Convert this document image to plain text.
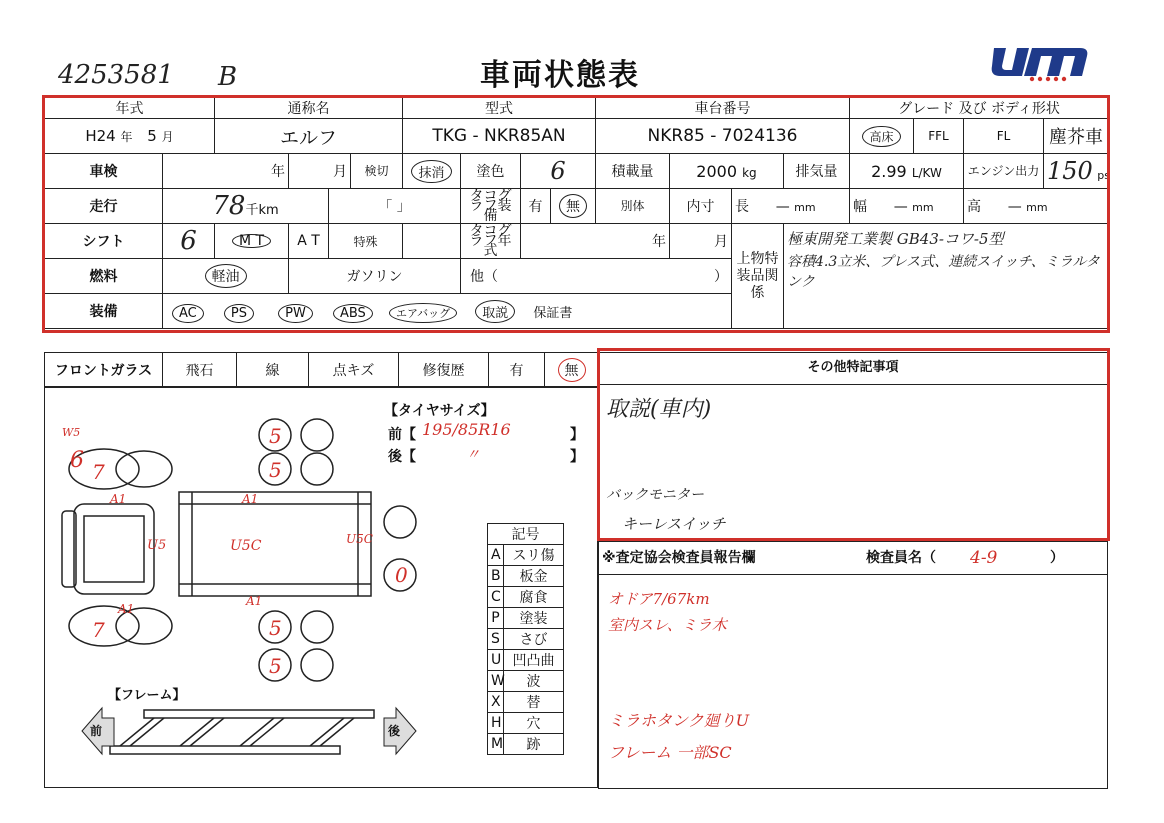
4253581 B	車両状態表
年式		通称名				型式				車台番号				グレード 及び ボディ形状			
H24 年 5 月		エルフ				TKG - NKR85AN				NKR85 - 7024136				高床	FFL	FL	塵芥車
車検	年		月		検切	抹消	塗色	6		積載量	2000 kg		排気量	2.99 L/KW		エンジン出力	150 ps
走行	78千km			「 」			タコグラフ装備	有	無	別体	内寸	長 — mm		幅 — mm		高 — mm	
シフト	6	M T	A T	特殊			タコグラフ年式	年			月	上物特装品関係	極東開発工業製 GB43-コワ-5型
容積4.3立米、プレス式、連続スイッチ、ミラルタンク				

燃料	軽油		ガソリン				他（ ）										

装備	AC PS PW ABS エアバッグ 取説 保証書																
フロントガラス	飛石	線	点キズ	修復歴	有	無
5
5
5
5
0
6 7
7
A1
A1
A1
U5C
U5	U5C
W5
A1
【フレーム】
前	後
【タイヤサイズ】
前【 195/85R16	】
後【	〃	】
記号	
A	スリ傷
B	板金
C	腐食
P	塗装
S	さび
U	凹凸曲
W	波
X	替
H	穴
M	跡
その他特記事項
取説(車内)
バックモニター
キーレスイッチ
※査定協会検査員報告欄	検査員名（ 4-9	）
オドア7/67km
室内スレ、ミラ木
ミラホタンク廻りU
フレーム 一部SC
